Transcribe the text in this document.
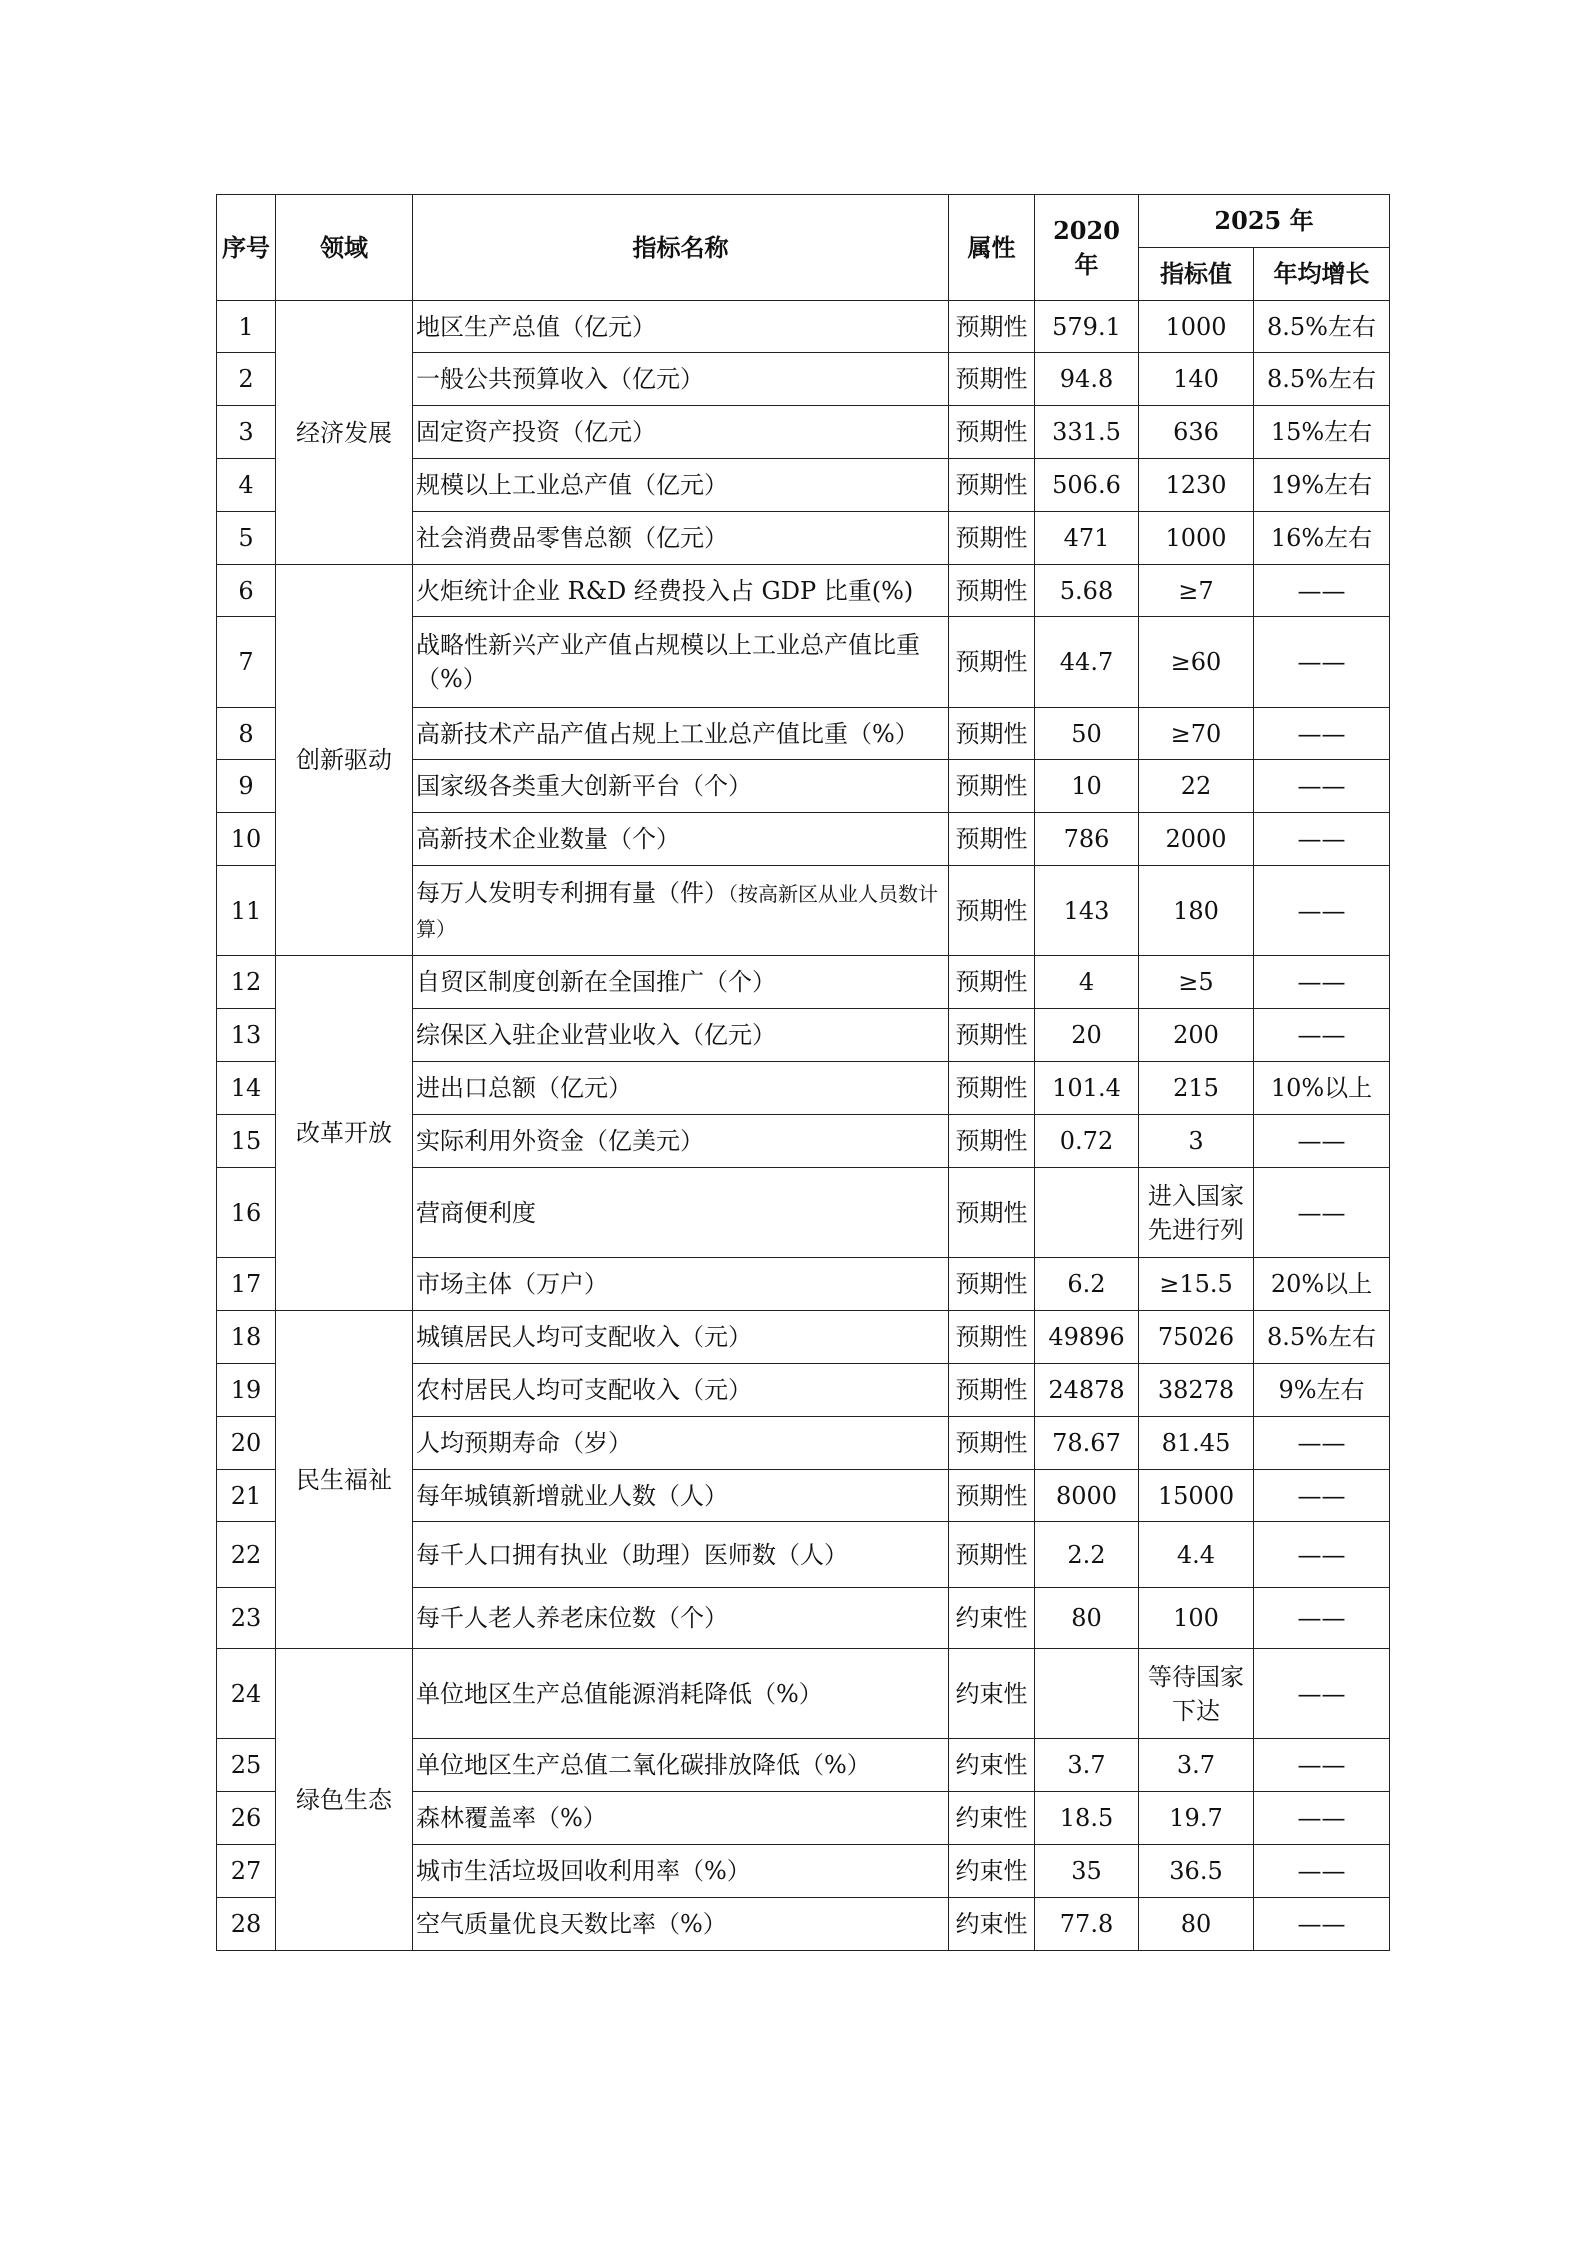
序号	领域	指标名称	属性	2020 年	2025 年	
					指标值	年均增长
1	经济发展	地区生产总值（亿元）	预期性	579.1	1000	8.5%左右
2		一般公共预算收入（亿元）	预期性	94.8	140	8.5%左右
3		固定资产投资（亿元）	预期性	331.5	636	15%左右
4		规模以上工业总产值（亿元）	预期性	506.6	1230	19%左右
5		社会消费品零售总额（亿元）	预期性	471	1000	16%左右
6	创新驱动	火炬统计企业 R&D 经费投入占 GDP 比重(%)	预期性	5.68	≥7	——
7		战略性新兴产业产值占规模以上工业总产值比重（%）	预期性	44.7	≥60	——
8		高新技术产品产值占规上工业总产值比重（%）	预期性	50	≥70	——
9		国家级各类重大创新平台（个）	预期性	10	22	——
10		高新技术企业数量（个）	预期性	786	2000	——
11		每万人发明专利拥有量（件）（按高新区从业人员数计算）	预期性	143	180	——
12	改革开放	自贸区制度创新在全国推广（个）	预期性	4	≥5	——
13		综保区入驻企业营业收入（亿元）	预期性	20	200	——
14		进出口总额（亿元）	预期性	101.4	215	10%以上
15		实际利用外资金（亿美元）	预期性	0.72	3	——
16		营商便利度	预期性		进入国家先进行列	——
17		市场主体（万户）	预期性	6.2	≥15.5	20%以上
18	民生福祉	城镇居民人均可支配收入（元）	预期性	49896	75026	8.5%左右
19		农村居民人均可支配收入（元）	预期性	24878	38278	9%左右
20		人均预期寿命（岁）	预期性	78.67	81.45	——
21		每年城镇新增就业人数（人）	预期性	8000	15000	——
22		每千人口拥有执业（助理）医师数（人）	预期性	2.2	4.4	——
23		每千人老人养老床位数（个）	约束性	80	100	——
24	绿色生态	单位地区生产总值能源消耗降低（%）	约束性		等待国家下达	——
25		单位地区生产总值二氧化碳排放降低（%）	约束性	3.7	3.7	——
26		森林覆盖率（%）	约束性	18.5	19.7	——
27		城市生活垃圾回收利用率（%）	约束性	35	36.5	——
28		空气质量优良天数比率（%）	约束性	77.8	80	——
